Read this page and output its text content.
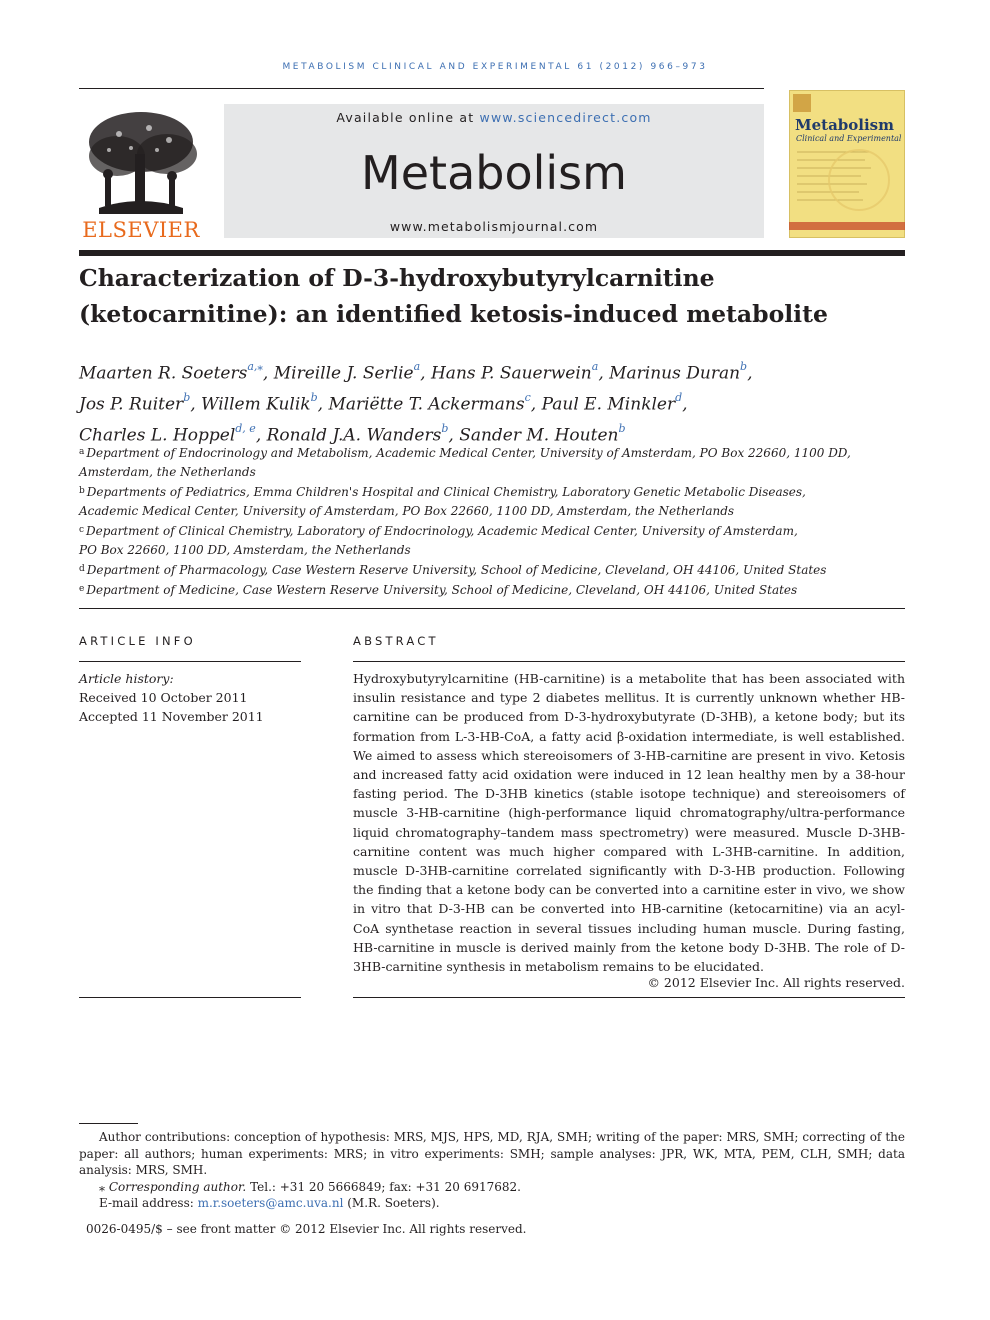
METABOLISM CLINICAL AND EXPERIMENTAL 61 (2012) 966–973
ELSEVIER
Available online at www.sciencedirect.com
Metabolism
www.metabolismjournal.com
Metabolism
Clinical and Experimental
Characterization of D-3-hydroxybutyrylcarnitine
(ketocarnitine): an identified ketosis-induced metabolite
Maarten R. Soeters$^{a,⁎}$, Mireille J. Serlie$^a$, Hans P. Sauerwein$^a$, Marinus Duran$^b$,
Jos P. Ruiter$^b$, Willem Kulik$^b$, Mariëtte T. Ackermans$^c$, Paul E. Minkler$^d$,
Charles L. Hoppel$^{d, e}$, Ronald J.A. Wanders$^b$, Sander M. Houten$^b$
$^a$ Department of Endocrinology and Metabolism, Academic Medical Center, University of Amsterdam, PO Box 22660, 1100 DD,
Amsterdam, the Netherlands
$^b$ Departments of Pediatrics, Emma Children's Hospital and Clinical Chemistry, Laboratory Genetic Metabolic Diseases,
Academic Medical Center, University of Amsterdam, PO Box 22660, 1100 DD, Amsterdam, the Netherlands
$^c$ Department of Clinical Chemistry, Laboratory of Endocrinology, Academic Medical Center, University of Amsterdam,
PO Box 22660, 1100 DD, Amsterdam, the Netherlands
$^d$ Department of Pharmacology, Case Western Reserve University, School of Medicine, Cleveland, OH 44106, United States
$^e$ Department of Medicine, Case Western Reserve University, School of Medicine, Cleveland, OH 44106, United States
ARTICLE INFO	ABSTRACT
Article history:
Received 10 October 2011
Accepted 11 November 2011
Hydroxybutyrylcarnitine (HB-carnitine) is a metabolite that has been associated with insulin resistance and type 2 diabetes mellitus. It is currently unknown whether HB-carnitine can be produced from D-3-hydroxybutyrate (D-3HB), a ketone body; but its formation from L-3-HB-CoA, a fatty acid β-oxidation intermediate, is well established. We aimed to assess which stereoisomers of 3-HB-carnitine are present in vivo. Ketosis and increased fatty acid oxidation were induced in 12 lean healthy men by a 38-hour fasting period. The D-3HB kinetics (stable isotope technique) and stereoisomers of muscle 3-HB-carnitine (high-performance liquid chromatography/ultra-performance liquid chromatography–tandem mass spectrometry) were measured. Muscle D-3HB-carnitine content was much higher compared with L-3HB-carnitine. In addition, muscle D-3HB-carnitine correlated significantly with D-3-HB production. Following the finding that a ketone body can be converted into a carnitine ester in vivo, we show in vitro that D-3-HB can be converted into HB-carnitine (ketocarnitine) via an acyl-CoA synthetase reaction in several tissues including human muscle. During fasting, HB-carnitine in muscle is derived mainly from the ketone body D-3HB. The role of D-3HB-carnitine synthesis in metabolism remains to be elucidated.
© 2012 Elsevier Inc. All rights reserved.

Author contributions: conception of hypothesis: MRS, MJS, HPS, MD, RJA, SMH; writing of the paper: MRS, SMH; correcting of the paper: all authors; human experiments: MRS; in vitro experiments: SMH; sample analyses: JPR, WK, MTA, PEM, CLH, SMH; data analysis: MRS, SMH.

⁎ Corresponding author. Tel.: +31 20 5666849; fax: +31 20 6917682.

E-mail address: m.r.soeters@amc.uva.nl (M.R. Soeters).

0026-0495/$ – see front matter © 2012 Elsevier Inc. All rights reserved.
